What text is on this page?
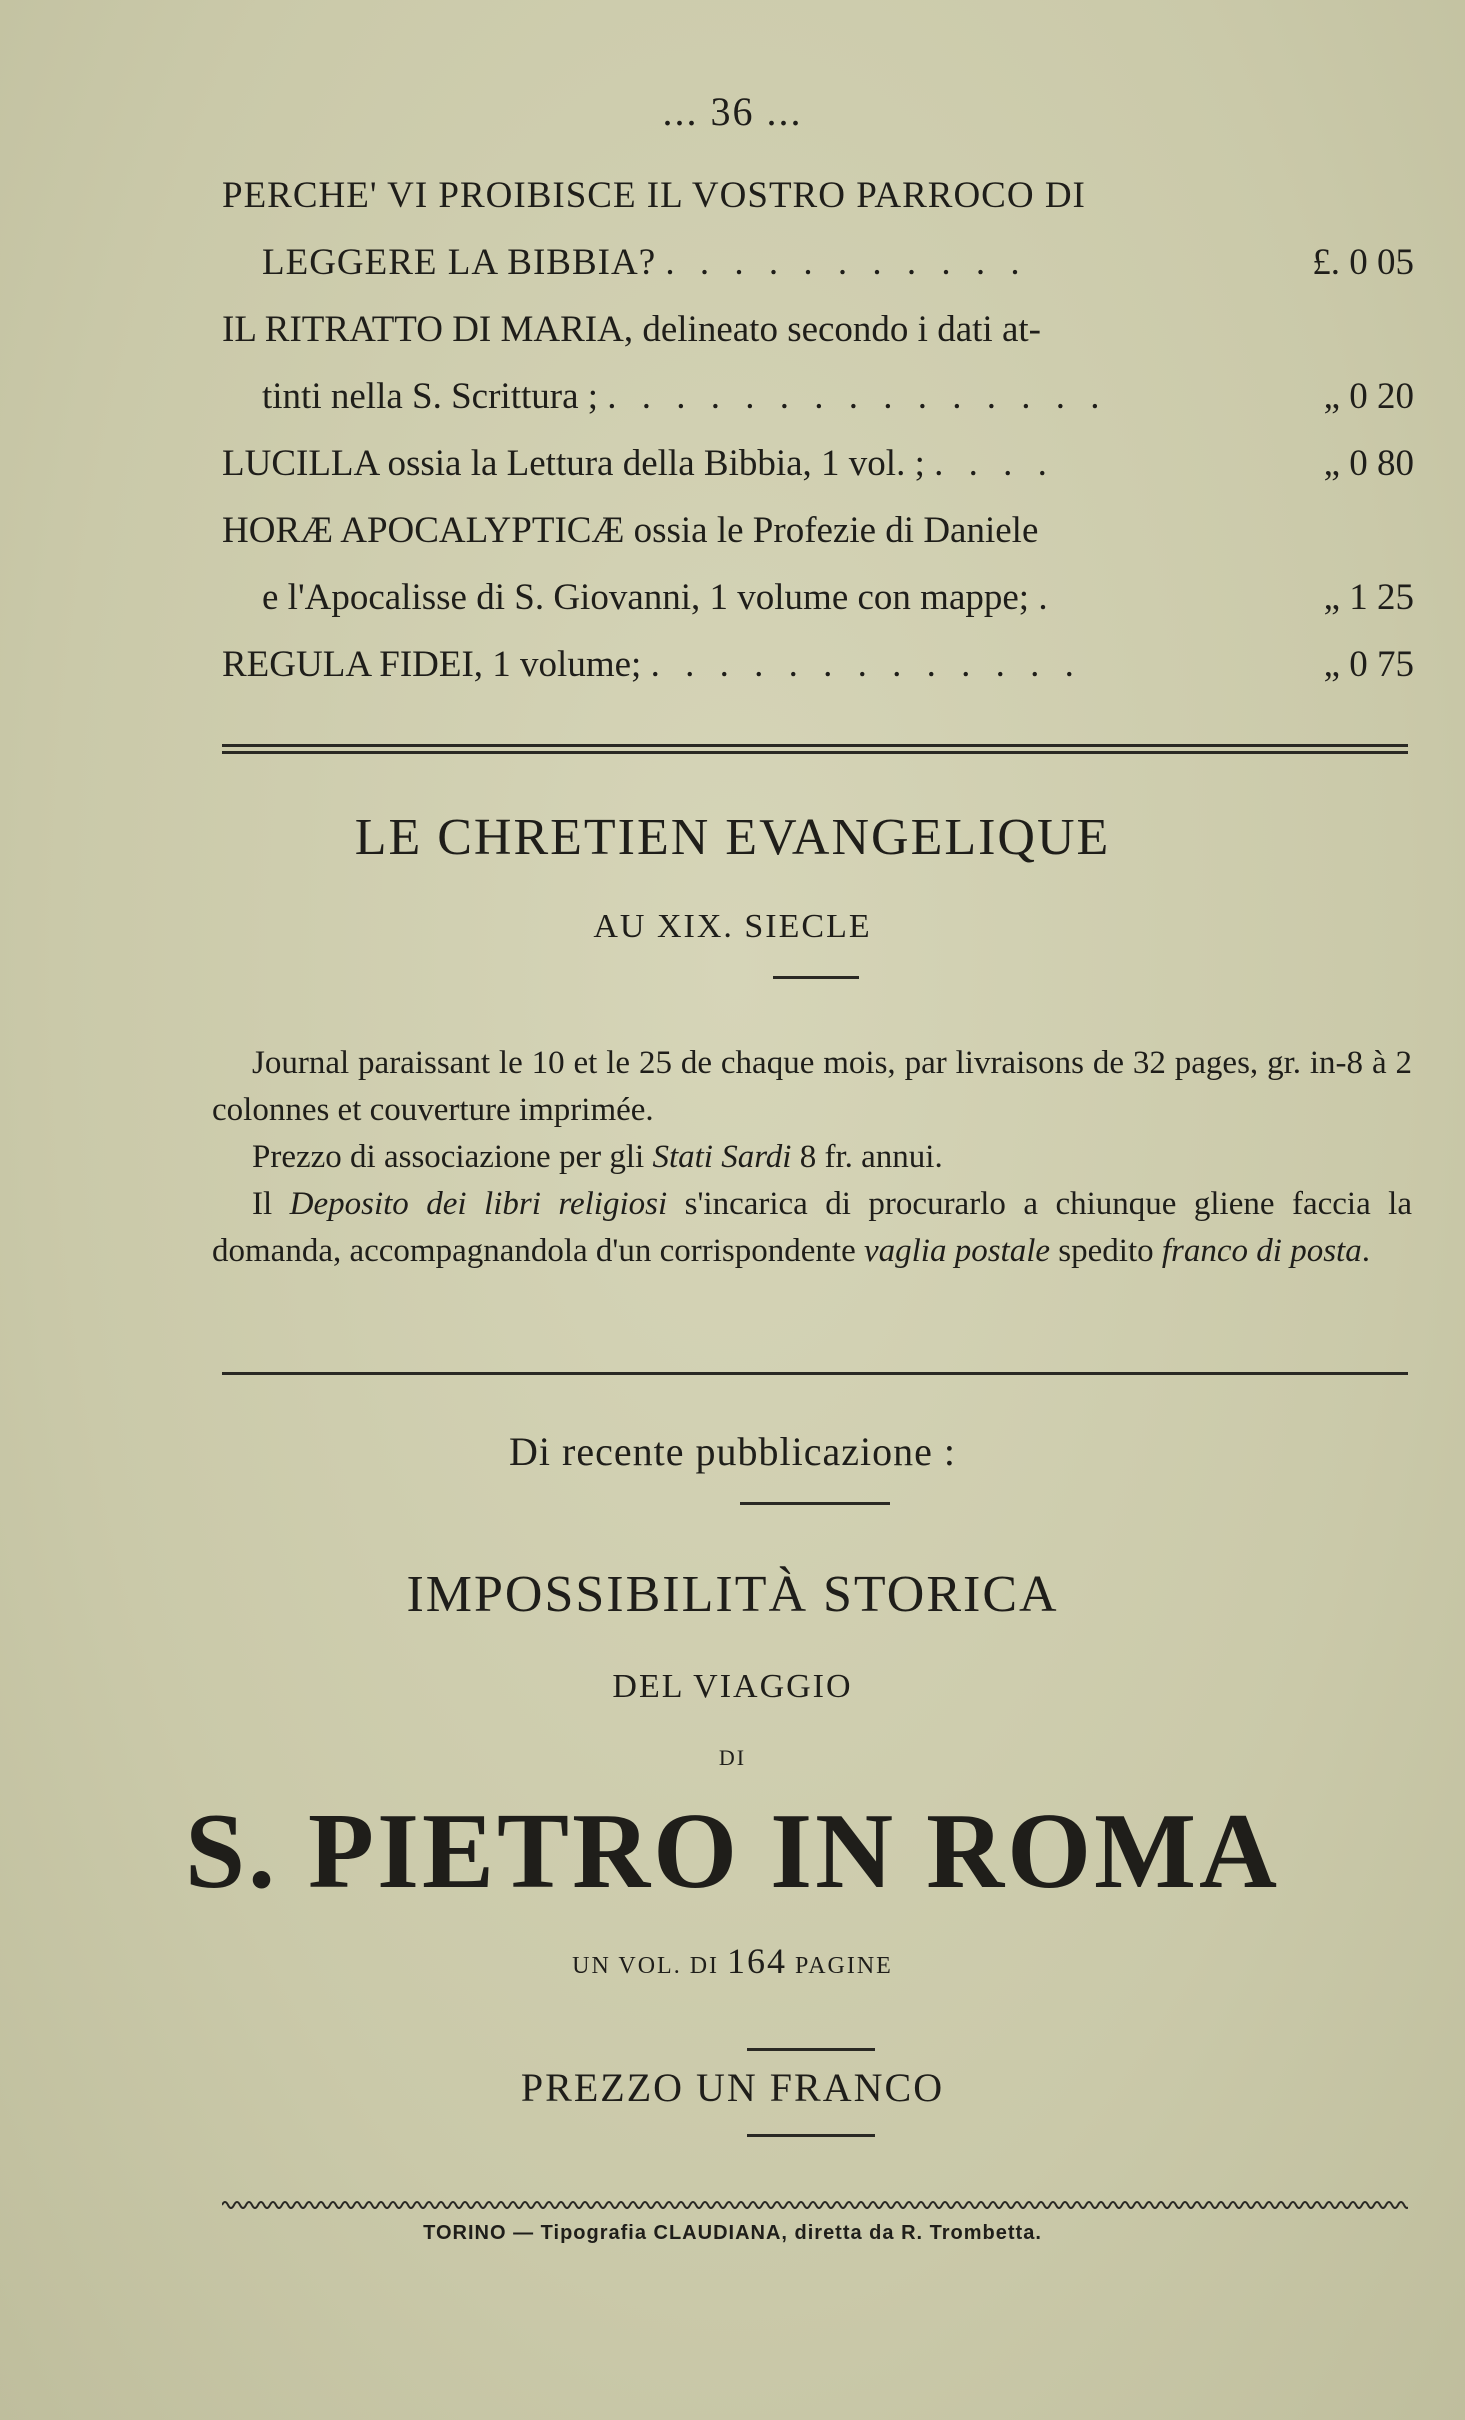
... 36 ...
PERCHE' VI PROIBISCE IL VOSTRO PARROCO DI
LEGGERE LA BIBBIA? . . . . . . . . . . .	£. 0 05
IL RITRATTO DI MARIA, delineato secondo i dati at-
tinti nella S. Scrittura ; . . . . . . . . . . . . . . .	„ 0 20
LUCILLA ossia la Lettura della Bibbia, 1 vol. ; . . . .	„ 0 80
HORÆ APOCALYPTICÆ ossia le Profezie di Daniele
e l'Apocalisse di S. Giovanni, 1 volume con mappe; .	„ 1 25
REGULA FIDEI, 1 volume; . . . . . . . . . . . . .	„ 0 75
LE CHRETIEN EVANGELIQUE
AU XIX. SIECLE

Journal paraissant le 10 et le 25 de chaque mois, par livraisons de 32 pages, gr. in-8 à 2 colonnes et couverture imprimée.

Prezzo di associazione per gli Stati Sardi 8 fr. annui.

Il Deposito dei libri religiosi s'incarica di procurarlo a chiunque gliene faccia la domanda, accompagnandola d'un corrispondente vaglia postale spedito franco di posta.

Di recente pubblicazione :
IMPOSSIBILITÀ STORICA
DEL VIAGGIO
DI
S. PIETRO IN ROMA
UN VOL. DI 164 PAGINE
PREZZO UN FRANCO
TORINO — Tipografia CLAUDIANA, diretta da R. Trombetta.
